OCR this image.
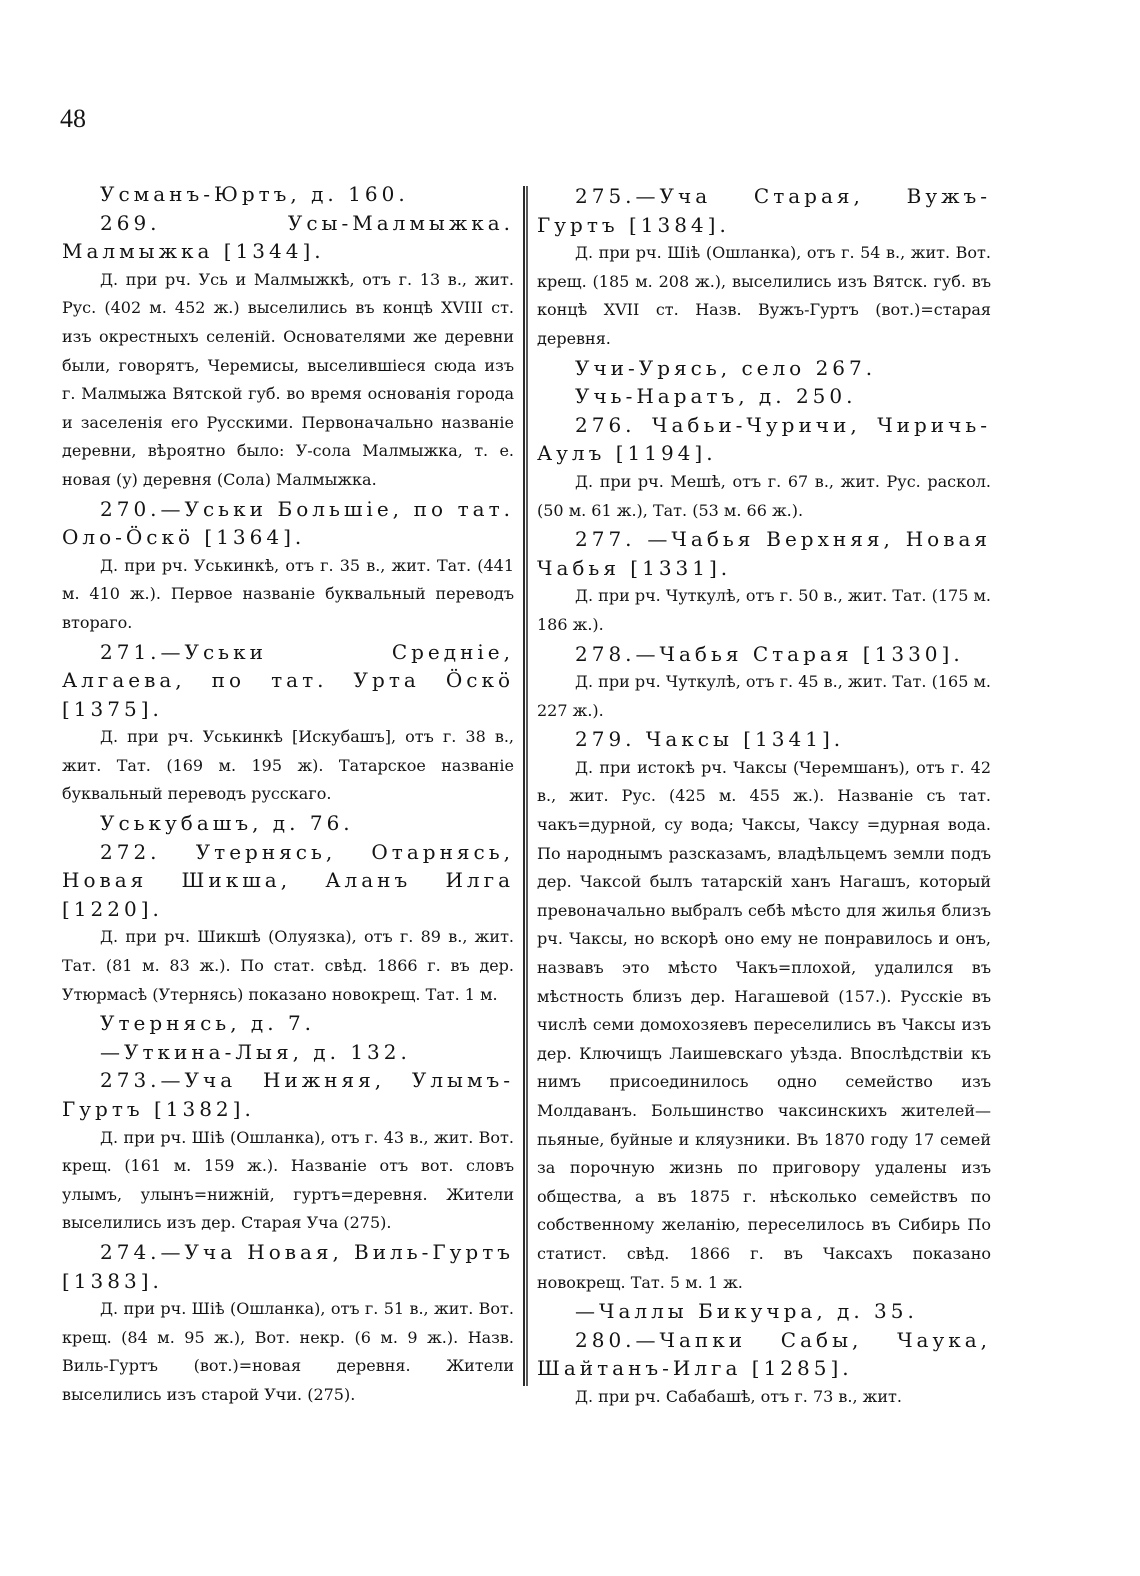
48

Усманъ-Юртъ, д. 160.

269. Усы-Малмыжка. Малмыжка [1344].

Д. при рч. Усь и Малмыжкѣ, отъ г. 13 в., жит. Рус. (402 м. 452 ж.) выселились въ концѣ XVIII ст. изъ окрестныхъ селеній. Основателями же деревни были, говорятъ, Черемисы, выселившіеся сюда изъ г. Малмыжа Вятской губ. во время основанія города и заселенія его Русскими. Первоначально названіе деревни, вѣроятно было: У-сола Малмыжка, т. е. новая (у) деревня (Сола) Малмыжка.

270.—Уськи Большіе, по тат. Оло-Ӧскӧ [1364].

Д. при рч. Уськинкѣ, отъ г. 35 в., жит. Тат. (441 м. 410 ж.). Первое названіе буквальный переводъ втораго.

271.—Уськи Средніе, Алгаева, по тат. Урта Ӧскӧ [1375].

Д. при рч. Уськинкѣ [Искубашъ], отъ г. 38 в., жит. Тат. (169 м. 195 ж). Татарское названіе буквальный переводъ русскаго.

Уськубашъ, д. 76.

272. Утернясь, Отарнясь, Новая Шикша, Аланъ Илга [1220].

Д. при рч. Шикшѣ (Олуязка), отъ г. 89 в., жит. Тат. (81 м. 83 ж.). По стат. свѣд. 1866 г. въ дер. Утюрмасѣ (Утернясь) показано новокрещ. Тат. 1 м.

Утернясь, д. 7.

—Уткина-Лыя, д. 132.

273.—Уча Нижняя, Улымъ-Гуртъ [1382].

Д. при рч. Шіѣ (Ошланка), отъ г. 43 в., жит. Вот. крещ. (161 м. 159 ж.). Названіе отъ вот. словъ улымъ, улынъ=нижній, гуртъ=деревня. Жители выселились изъ дер. Старая Уча (275).

274.—Уча Новая, Виль-Гуртъ [1383].

Д. при рч. Шіѣ (Ошланка), отъ г. 51 в., жит. Вот. крещ. (84 м. 95 ж.), Вот. некр. (6 м. 9 ж.). Назв. Виль-Гуртъ (вот.)=новая деревня. Жители выселились изъ старой Учи. (275).

275.—Уча Старая, Вужъ-Гуртъ [1384].

Д. при рч. Шіѣ (Ошланка), отъ г. 54 в., жит. Вот. крещ. (185 м. 208 ж.), выселились изъ Вятск. губ. въ концѣ XVII ст. Назв. Вужъ-Гуртъ (вот.)=старая деревня.

Учи-Урясь, село 267.

Учь-Наратъ, д. 250.

276. Чабьи-Чуричи, Чиричь-Аулъ [1194].

Д. при рч. Мешѣ, отъ г. 67 в., жит. Рус. раскол. (50 м. 61 ж.), Тат. (53 м. 66 ж.).

277. —Чабья Верхняя, Новая Чабья [1331].

Д. при рч. Чуткулѣ, отъ г. 50 в., жит. Тат. (175 м. 186 ж.).

278.—Чабья Старая [1330].

Д. при рч. Чуткулѣ, отъ г. 45 в., жит. Тат. (165 м. 227 ж.).

279. Чаксы [1341].

Д. при истокѣ рч. Чаксы (Черемшанъ), отъ г. 42 в., жит. Рус. (425 м. 455 ж.). Названіе съ тат. чакъ=дурной, су вода; Чаксы, Чаксу =дурная вода. По народнымъ разсказамъ, владѣльцемъ земли подъ дер. Чаксой былъ татарскій ханъ Нагашъ, который превоначально выбралъ себѣ мѣсто для жилья близъ рч. Чаксы, но вскорѣ оно ему не понравилось и онъ, назвавъ это мѣсто Чакъ=плохой, удалился въ мѣстность близъ дер. Нагашевой (157.). Русскіе въ числѣ семи домохозяевъ переселились въ Чаксы изъ дер. Ключищъ Лаишевскаго уѣзда. Впослѣдствіи къ нимъ присоединилось одно семейство изъ Молдаванъ. Большинство чаксинскихъ жителей—пьяные, буйные и кляузники. Въ 1870 году 17 семей за порочную жизнь по приговору удалены изъ общества, а въ 1875 г. нѣсколько семействъ по собственному желанію, переселилось въ Сибирь По статист. свѣд. 1866 г. въ Чаксахъ показано новокрещ. Тат. 5 м. 1 ж.

—Чаллы Бикучра, д. 35.

280.—Чапки Сабы, Чаука, Шайтанъ-Илга [1285].

Д. при рч. Сабабашѣ, отъ г. 73 в., жит.
